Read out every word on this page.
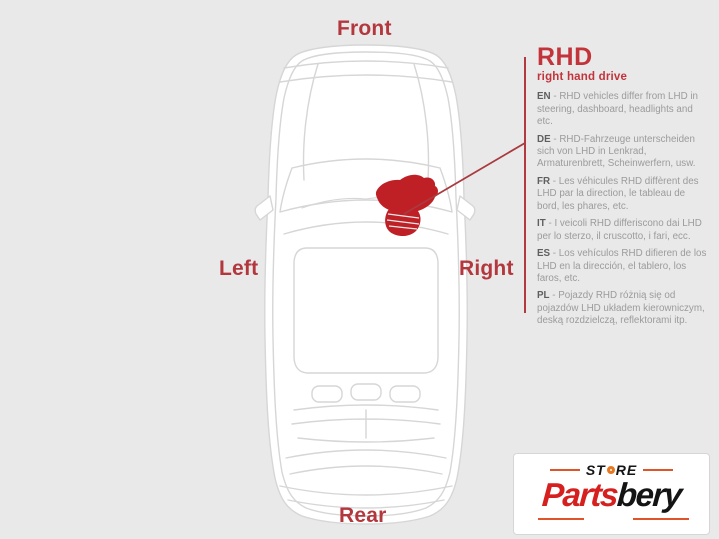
Front
Left	Right
Rear
RHD
right hand drive
EN - RHD vehicles differ from LHD in steering, dashboard, headlights and etc.
DE - RHD-Fahrzeuge unterscheiden sich von LHD in Lenkrad, Armaturenbrett, Scheinwerfern, usw.
FR - Les véhicules RHD diffèrent des LHD par la direction, le tableau de bord, les phares, etc.
IT - I veicoli RHD differiscono dai LHD per lo sterzo, il cruscotto, i fari, ecc.
ES - Los vehículos RHD difieren de los LHD en la dirección, el tablero, los faros, etc.
PL - Pojazdy RHD różnią się od pojazdów LHD układem kierowniczym, deską rozdzielczą, reflektorami itp.
ST RE
Partsbery
